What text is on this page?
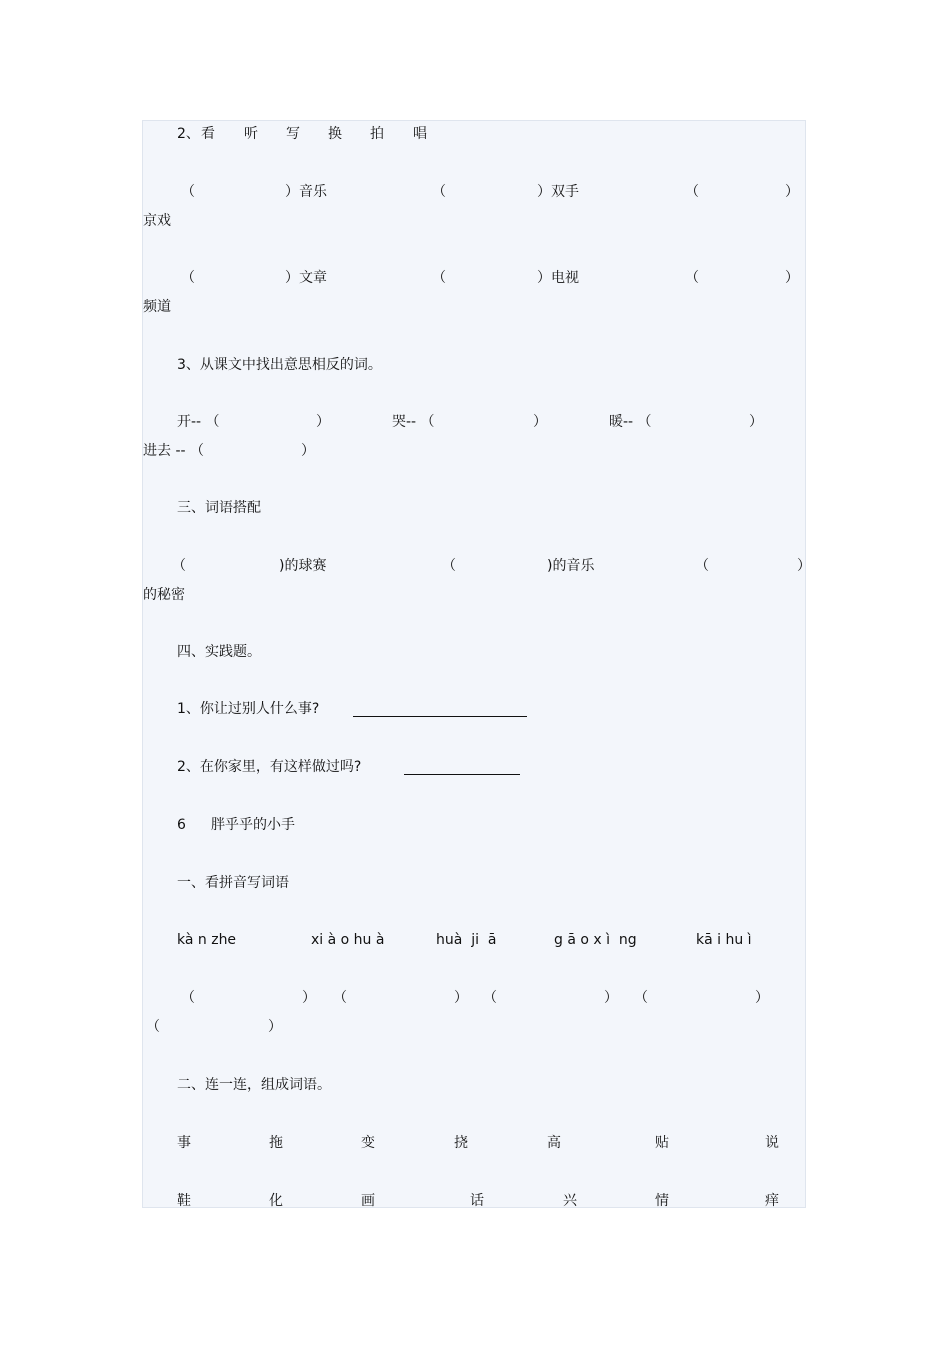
2、 看 听 写 换 拍 唱
（	）音乐	（	）双手	（	）
京戏
（	）文章	（	）电视	（	）
频道
3、从课文中找出意思相反的词。
开-- （	）	哭-- （	）	暖-- （	）
进去 -- （	）
三、词语搭配
（	)的球赛	（	)的音乐	（	）
的秘密
四、实践题。
1、你让过别人什么事?
2、在你家里，有这样做过吗?
6 胖乎乎的小手
一、看拼音写词语
kà n zhe	xi à o hu à	huà  ji  ā	g ā o x ì  ng	kā i hu ì
（	） （	） （	） （	）
（	）
二、连一连，组成词语。
事	拖	变	挠	高	贴	说
鞋	化	画	话	兴	情	痒
